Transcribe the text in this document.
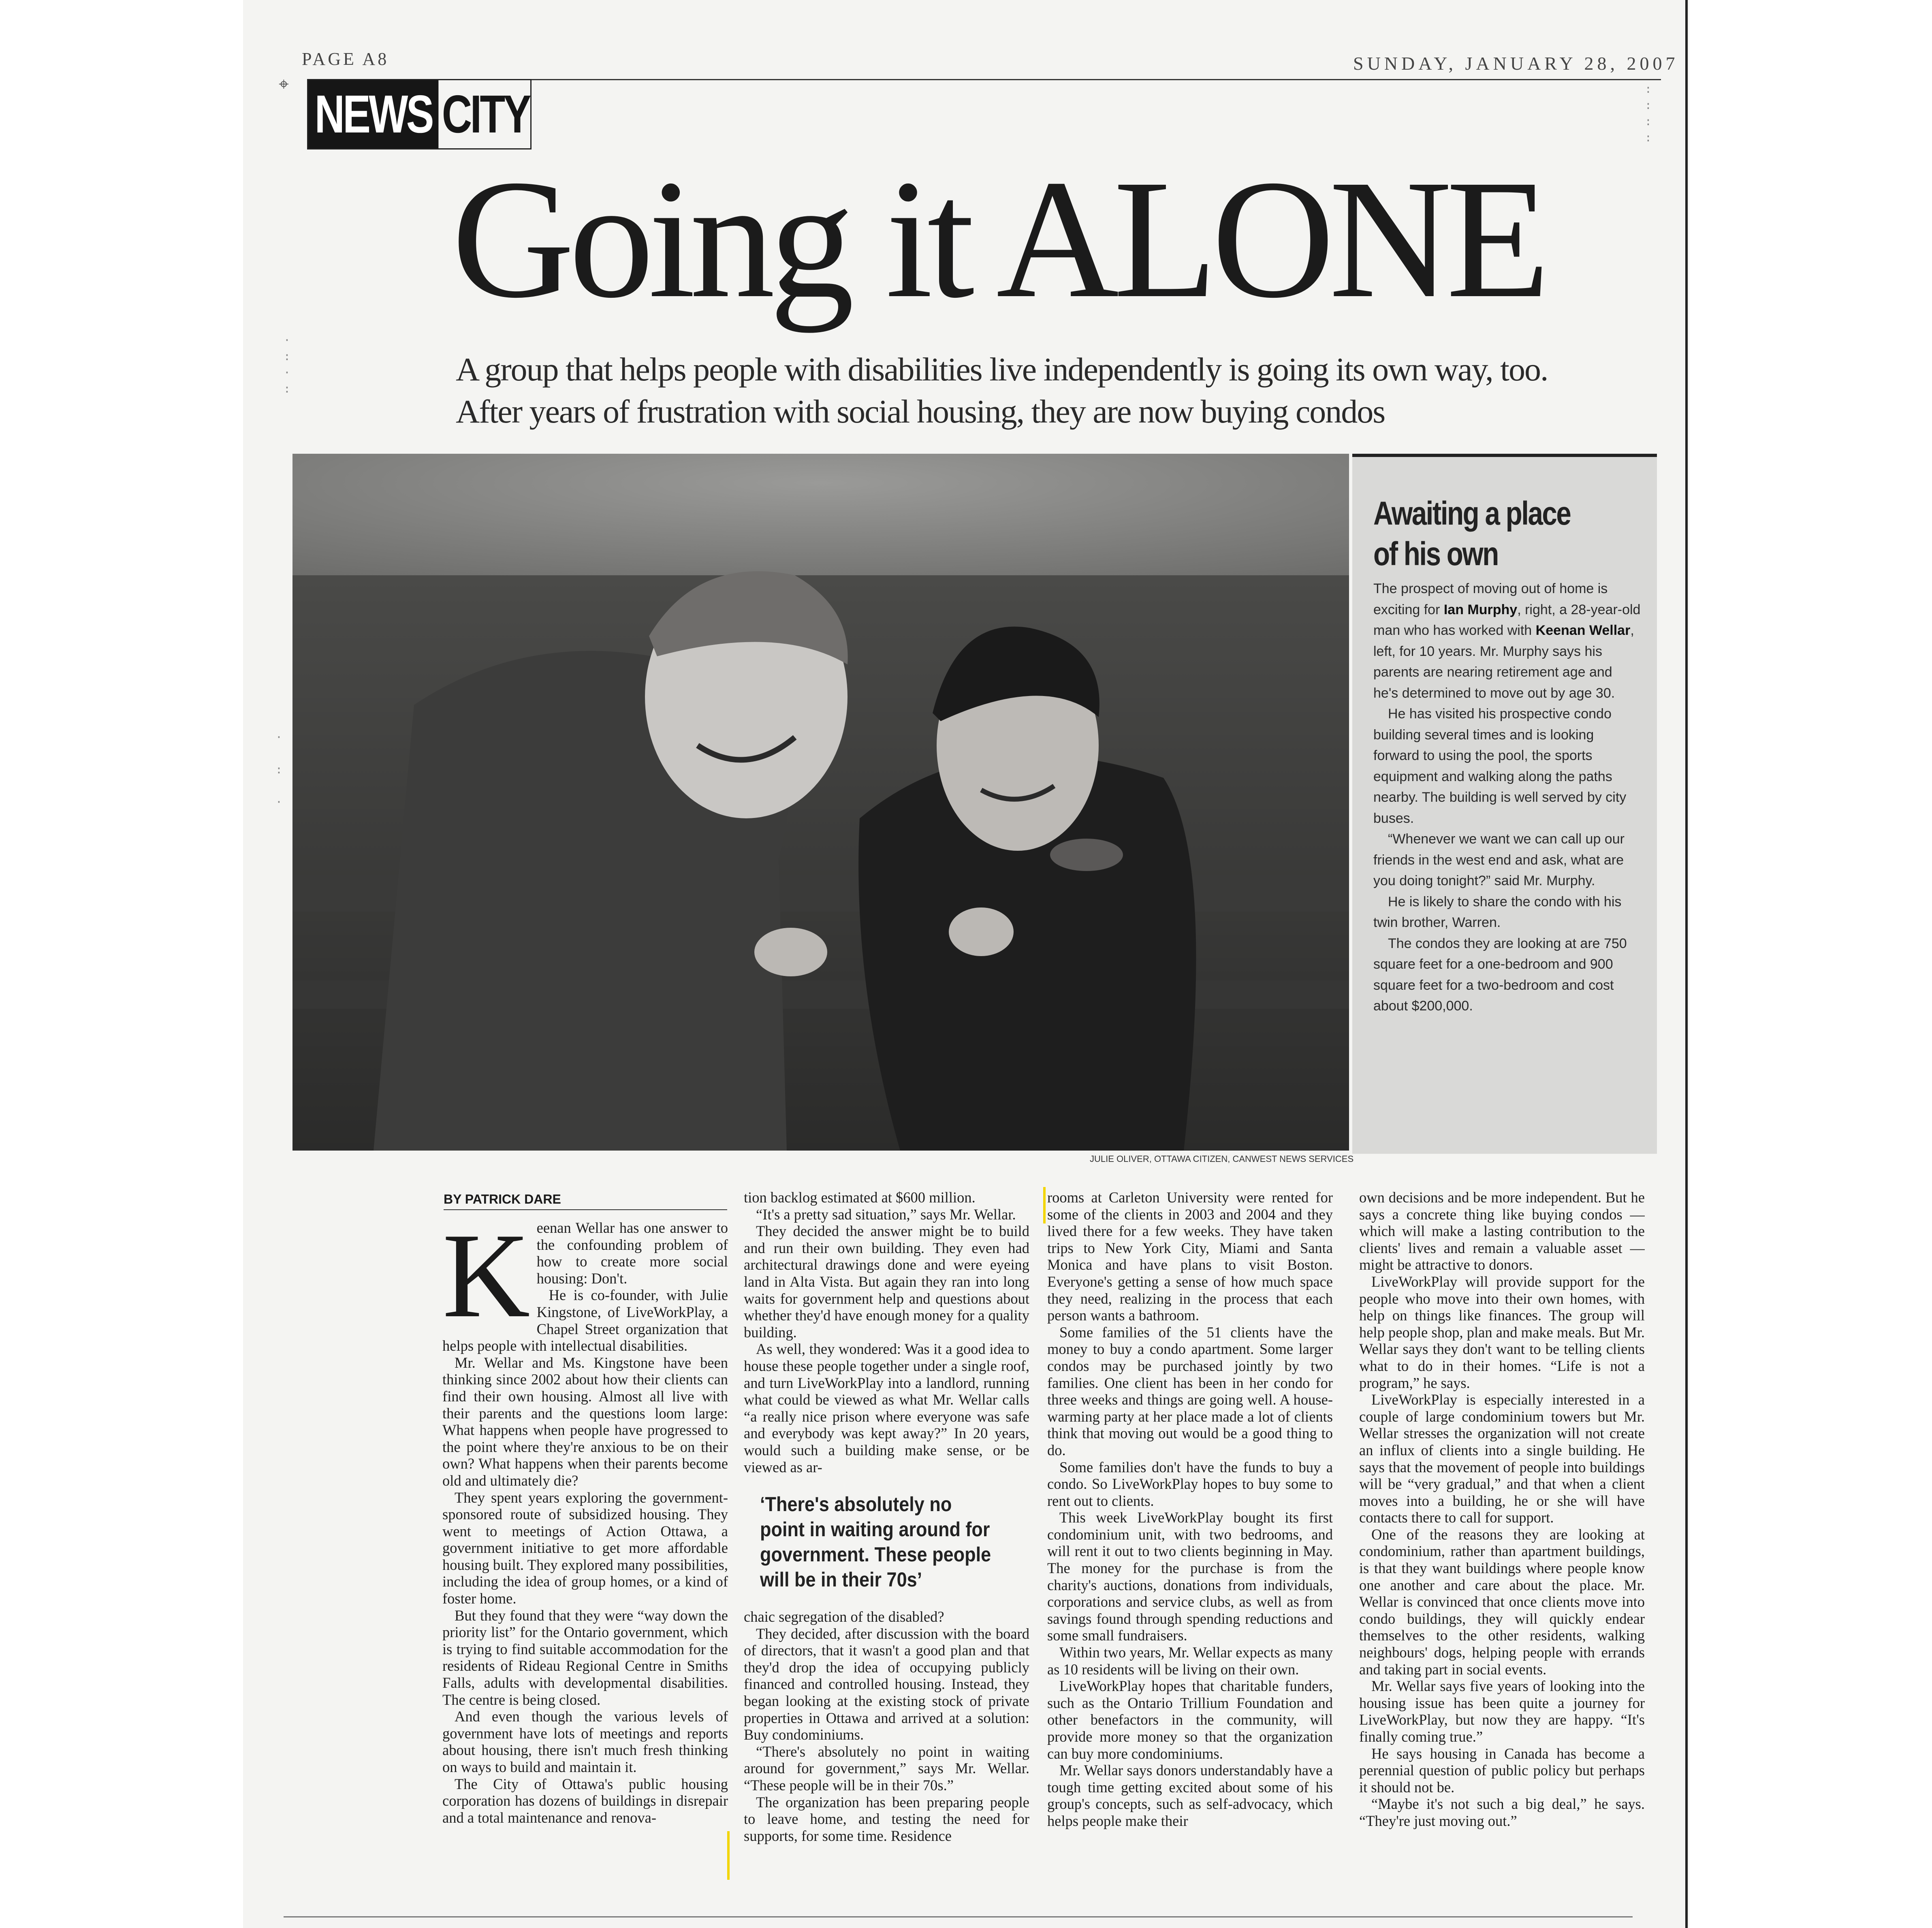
PAGE A8	SUNDAY, JANUARY 28, 2007
⌖
NEWS CITY
Going it ALONE
A group that helps people with disabilities live independently is going its own way, too.
After years of frustration with social housing, they are now buying condos
JULIE OLIVER, OTTAWA CITIZEN, CANWEST NEWS SERVICES
Awaiting a place of his own

The prospect of moving out of home is exciting for Ian Murphy, right, a 28-year-old man who has worked with Keenan Wellar, left, for 10 years. Mr. Murphy says his parents are nearing retirement age and he's determined to move out by age 30.

He has visited his prospective condo building several times and is looking forward to using the pool, the sports equipment and walking along the paths nearby. The building is well served by city buses.

“Whenever we want we can call up our friends in the west end and ask, what are you doing tonight?” said Mr. Murphy.

He is likely to share the condo with his twin brother, Warren.

The condos they are looking at are 750 square feet for a one-bedroom and 900 square feet for a two-bedroom and cost about $200,000.

BY PATRICK DARE
K eenan Wellar has one answer to the confounding problem of how to create more social housing: Don't.

He is co-founder, with Julie Kingstone, of LiveWorkPlay, a Chapel Street organization that helps people with intellectual disabilities.

Mr. Wellar and Ms. Kingstone have been thinking since 2002 about how their clients can find their own housing. Almost all live with their parents and the questions loom large: What happens when people have progressed to the point where they're anxious to be on their own? What happens when their parents become old and ultimately die?

They spent years exploring the government-sponsored route of subsidized housing. They went to meetings of Action Ottawa, a government initiative to get more affordable housing built. They explored many possibilities, including the idea of group homes, or a kind of foster home.

But they found that they were “way down the priority list” for the Ontario government, which is trying to find suitable accommodation for the residents of Rideau Regional Centre in Smiths Falls, adults with developmental disabilities. The centre is being closed.

And even though the various levels of government have lots of meetings and reports about housing, there isn't much fresh thinking on ways to build and maintain it.

The City of Ottawa's public housing corporation has dozens of buildings in disrepair and a total maintenance and renova-

tion backlog estimated at $600 million.

“It's a pretty sad situation,” says Mr. Wellar.

They decided the answer might be to build and run their own building. They even had architectural drawings done and were eyeing land in Alta Vista. But again they ran into long waits for government help and questions about whether they'd have enough money for a quality building.

As well, they wondered: Was it a good idea to house these people together under a single roof, and turn LiveWorkPlay into a landlord, running what could be viewed as what Mr. Wellar calls “a really nice prison where everyone was safe and everybody was kept away?” In 20 years, would such a building make sense, or be viewed as ar-

‘There's absolutely no point in waiting around for government. These people will be in their 70s’

chaic segregation of the disabled?

They decided, after discussion with the board of directors, that it wasn't a good plan and that they'd drop the idea of occupying publicly financed and controlled housing. Instead, they began looking at the existing stock of private properties in Ottawa and arrived at a solution: Buy condominiums.

“There's absolutely no point in waiting around for government,” says Mr. Wellar. “These people will be in their 70s.”

The organization has been preparing people to leave home, and testing the need for supports, for some time. Residence

rooms at Carleton University were rented for some of the clients in 2003 and 2004 and they lived there for a few weeks. They have taken trips to New York City, Miami and Santa Monica and have plans to visit Boston. Everyone's getting a sense of how much space they need, realizing in the process that each person wants a bathroom.

Some families of the 51 clients have the money to buy a condo apartment. Some larger condos may be purchased jointly by two families. One client has been in her condo for three weeks and things are going well. A house-warming party at her place made a lot of clients think that moving out would be a good thing to do.

Some families don't have the funds to buy a condo. So LiveWorkPlay hopes to buy some to rent out to clients.

This week LiveWorkPlay bought its first condominium unit, with two bedrooms, and will rent it out to two clients beginning in May. The money for the purchase is from the charity's auctions, donations from individuals, corporations and service clubs, as well as from savings found through spending reductions and some small fundraisers.

Within two years, Mr. Wellar expects as many as 10 residents will be living on their own.

LiveWorkPlay hopes that charitable funders, such as the Ontario Trillium Foundation and other benefactors in the community, will provide more money so that the organization can buy more condominiums.

Mr. Wellar says donors understandably have a tough time getting excited about some of his group's concepts, such as self-advocacy, which helps people make their

own decisions and be more independent. But he says a concrete thing like buying condos — which will make a lasting contribution to the clients' lives and remain a valuable asset — might be attractive to donors.

LiveWorkPlay will provide support for the people who move into their own homes, with help on things like finances. The group will help people shop, plan and make meals. But Mr. Wellar says they don't want to be telling clients what to do in their homes. “Life is not a program,” he says.

LiveWorkPlay is especially interested in a couple of large condominium towers but Mr. Wellar stresses the organization will not create an influx of clients into a single building. He says that the movement of people into buildings will be “very gradual,” and that when a client moves into a building, he or she will have contacts there to call for support.

One of the reasons they are looking at condominium, rather than apartment buildings, is that they want buildings where people know one another and care about the place. Mr. Wellar is convinced that once clients move into condo buildings, they will quickly endear themselves to the other residents, walking neighbours' dogs, helping people with errands and taking part in social events.

Mr. Wellar says five years of looking into the housing issue has been quite a journey for LiveWorkPlay, but now they are happy. “It's finally coming true.”

He says housing in Canada has become a perennial question of public policy but perhaps it should not be.

“Maybe it's not such a big deal,” he says. “They're just moving out.”

·
:
·
:
:
:
:
:
·

:

·
